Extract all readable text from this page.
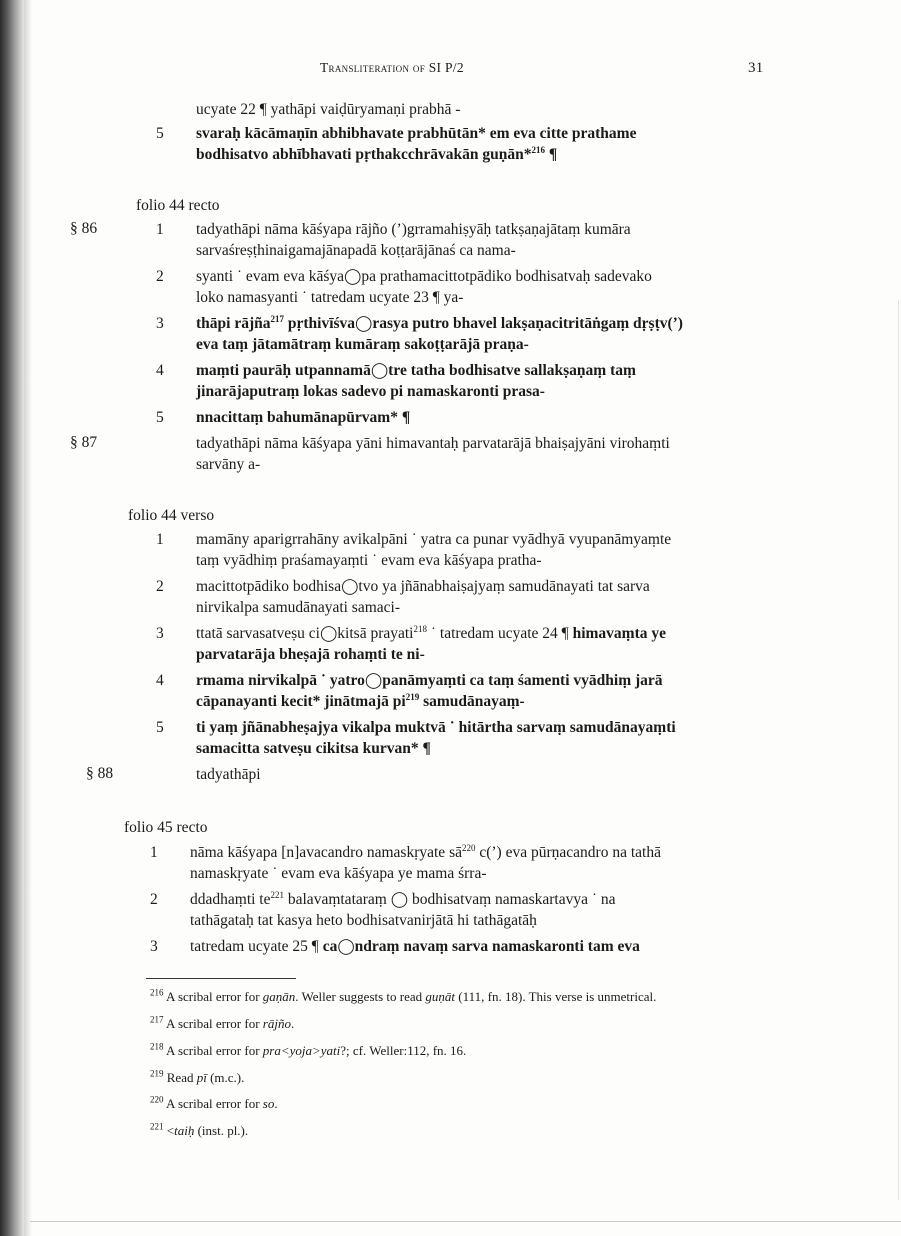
Transliteration of SI P/2	31
ucyate 22 ¶ yathāpi vaiḍūryamaṇi prabhā -
5 svaraḥ kācāmaṇīn abhibhavate prabhūtān* em eva citte prathame
bodhisatvo abhībhavati pṛthakcchrāvakān guṇān*$^{216}$ ¶
folio 44 recto
§ 86	1 tadyathāpi nāma kāśyapa rājño (’)grramahiṣyāḥ tatkṣaṇajātaṃ kumāra
sarvaśreṣṭhinaigamajānapadā koṭṭarājānaś ca nama-
2 syanti ˙ evam eva kāśya◯pa prathamacittotpādiko bodhisatvaḥ sadevako
loko namasyanti ˙ tatredam ucyate 23 ¶ ya-
3 thāpi rājña$^{217}$ pṛthivīśva◯rasya putro bhavel lakṣaṇacitritāṅgaṃ dṛṣṭv(’)
eva taṃ jātamātraṃ kumāraṃ sakoṭṭarājā praṇa-
4 maṃti paurāḥ utpannamā◯tre tatha bodhisatve sallakṣaṇaṃ taṃ
jinarājaputraṃ lokas sadevo pi namaskaronti prasa-
5 nnacittaṃ bahumānapūrvam* ¶
§ 87	tadyathāpi nāma kāśyapa yāni himavantaḥ parvatarājā bhaiṣajyāni virohaṃti
sarvāny a-
folio 44 verso
1 mamāny aparigrrahāny avikalpāni ˙ yatra ca punar vyādhyā vyupanāmyaṃte
taṃ vyādhiṃ praśamayaṃti ˙ evam eva kāśyapa pratha-
2 macittotpādiko bodhisa◯tvo ya jñānabhaiṣajyaṃ samudānayati tat sarva
nirvikalpa samudānayati samaci-
3 ttatā sarvasatveṣu ci◯kitsā prayati$^{218}$ ˙ tatredam ucyate 24 ¶ himavaṃta ye
parvatarāja bheṣajā rohaṃti te ni-
4 rmama nirvikalpā ˙ yatro◯panāmyaṃti ca taṃ śamenti vyādhiṃ jarā
cāpanayanti kecit* jinātmajā $pi^{219}$ samudānayaṃ-
5 ti yaṃ jñānabheṣajya vikalpa muktvā ˙ hitārtha sarvaṃ samudānayaṃti
samacitta satveṣu cikitsa kurvan* ¶
§ 88	tadyathāpi
folio 45 recto
1 nāma kāśyapa [n]avacandro namaskṛyate $sā^{220}$ c(’) eva pūrṇacandro na tathā
namaskṛyate ˙ evam eva kāśyapa ye mama śrra-
2 ddadhaṃti $te^{221}$ balavaṃtataraṃ ◯ bodhisatvaṃ namaskartavya ˙ na
tathāgataḥ tat kasya heto bodhisatvanirjātā hi tathāgatāḥ
3 tatredam ucyate 25 ¶ ca◯ndraṃ navaṃ sarva namaskaronti tam eva
$^{216}$ A scribal error for gaṇān. Weller suggests to read guṇāt (111, fn. 18). This verse is unmetrical.
$^{217}$ A scribal error for rājño.
$^{218}$ A scribal error for pra<yoja>yati?; cf. Weller:112, fn. 16.
$^{219}$ Read pī (m.c.).
$^{220}$ A scribal error for so.
$^{221}$ <taiḥ (inst. pl.).
